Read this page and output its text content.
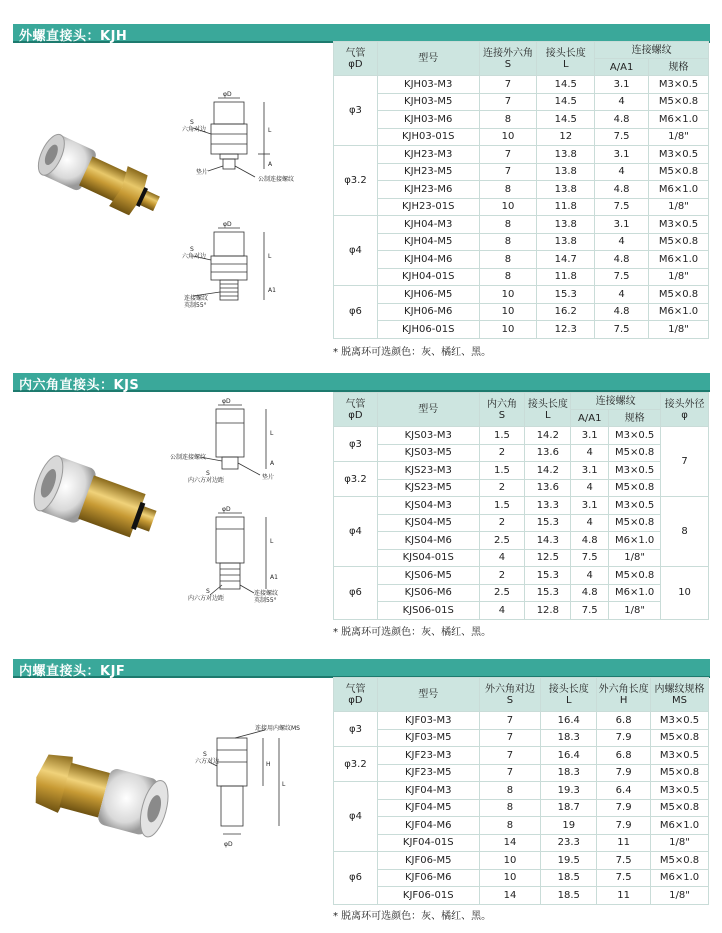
外螺直接头：KJH
φD
S
六角对边	L
A
垫片
公制连接螺纹
φD
S
六角对边	L
A1
连接螺纹
英制55°
气管
φD	型号	连接外六角
S	接头长度
L	连接螺纹	
				A/A1	规格
φ3	KJH03-M3	7	14.5	3.1	M3×0.5
	KJH03-M5	7	14.5	4	M5×0.8
	KJH03-M6	8	14.5	4.8	M6×1.0
	KJH03-01S	10	12	7.5	1/8"
φ3.2	KJH23-M3	7	13.8	3.1	M3×0.5
	KJH23-M5	7	13.8	4	M5×0.8
	KJH23-M6	8	13.8	4.8	M6×1.0
	KJH23-01S	10	11.8	7.5	1/8"
φ4	KJH04-M3	8	13.8	3.1	M3×0.5
	KJH04-M5	8	13.8	4	M5×0.8
	KJH04-M6	8	14.7	4.8	M6×1.0
	KJH04-01S	8	11.8	7.5	1/8"
φ6	KJH06-M5	10	15.3	4	M5×0.8
	KJH06-M6	10	16.2	4.8	M6×1.0
	KJH06-01S	10	12.3	7.5	1/8"
* 脱离环可选颜色：灰、橘红、黑。
内六角直接头：KJS
φD
L
A
公制连接螺纹
S
内六方对边距	垫片
φD
L
A1
S
内六方对边距
连接螺纹
英制55°
气管
φD	型号	内六角
S	接头长度
L	连接螺纹		接头外径
φ
				A/A1	规格	
φ3	KJS03-M3	1.5	14.2	3.1	M3×0.5	7
	KJS03-M5	2	13.6	4	M5×0.8	
φ3.2	KJS23-M3	1.5	14.2	3.1	M3×0.5	
	KJS23-M5	2	13.6	4	M5×0.8	
φ4	KJS04-M3	1.5	13.3	3.1	M3×0.5	8
	KJS04-M5	2	15.3	4	M5×0.8	
	KJS04-M6	2.5	14.3	4.8	M6×1.0	
	KJS04-01S	4	12.5	7.5	1/8"	
φ6	KJS06-M5	2	15.3	4	M5×0.8	10
	KJS06-M6	2.5	15.3	4.8	M6×1.0	
	KJS06-01S	4	12.8	7.5	1/8"	
* 脱离环可选颜色：灰、橘红、黑。
内螺直接头：KJF
连接用内螺纹MS
S
六方对边	H
L
φD
气管
φD	型号	外六角对边
S	接头长度
L	外六角长度
H	内螺纹规格
MS
φ3	KJF03-M3	7	16.4	6.8	M3×0.5
	KJF03-M5	7	18.3	7.9	M5×0.8
φ3.2	KJF23-M3	7	16.4	6.8	M3×0.5
	KJF23-M5	7	18.3	7.9	M5×0.8
φ4	KJF04-M3	8	19.3	6.4	M3×0.5
	KJF04-M5	8	18.7	7.9	M5×0.8
	KJF04-M6	8	19	7.9	M6×1.0
	KJF04-01S	14	23.3	11	1/8"
φ6	KJF06-M5	10	19.5	7.5	M5×0.8
	KJF06-M6	10	18.5	7.5	M6×1.0
	KJF06-01S	14	18.5	11	1/8"
* 脱离环可选颜色：灰、橘红、黑。
